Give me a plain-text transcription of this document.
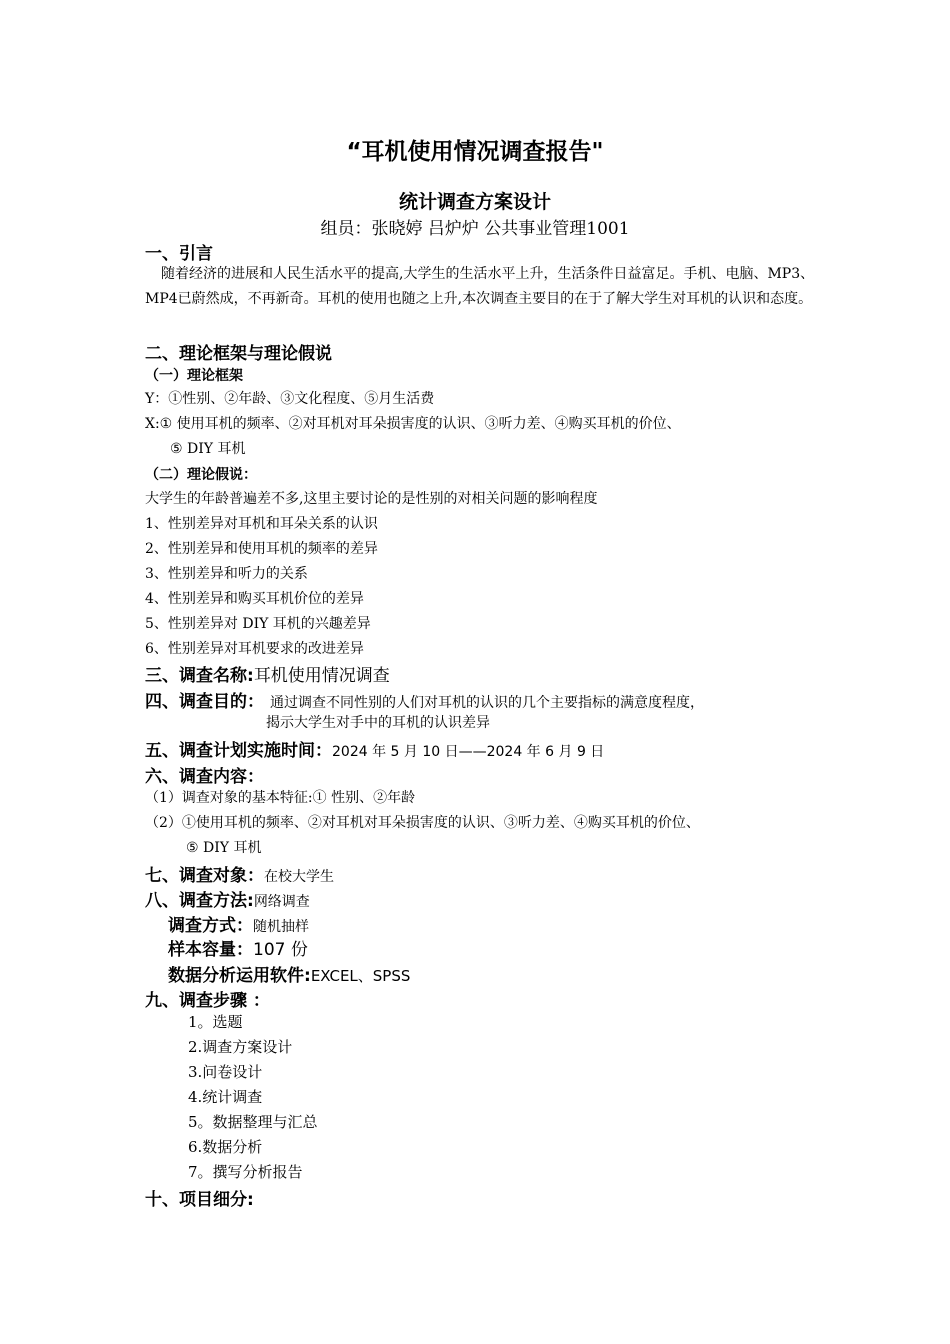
“耳机使用情况调查报告"
统计调查方案设计
组员：张晓婷 吕炉炉 公共事业管理1001
一、引言
随着经济的进展和人民生活水平的提高,大学生的生活水平上升，生活条件日益富足。手机、电脑、MP3、MP4已蔚然成，不再新奇。耳机的使用也随之上升,本次调查主要目的在于了解大学生对耳机的认识和态度。
二、理论框架与理论假说
（一）理论框架
Y：①性别、②年龄、③文化程度、⑤月生活费
X:① 使用耳机的频率、②对耳机对耳朵损害度的认识、③听力差、④购买耳机的价位、
⑤ DIY 耳机
（二）理论假说：
大学生的年龄普遍差不多,这里主要讨论的是性别的对相关问题的影响程度
1、性别差异对耳机和耳朵关系的认识
2、性别差异和使用耳机的频率的差异
3、性别差异和听力的关系
4、性别差异和购买耳机价位的差异
5、性别差异对 DIY 耳机的兴趣差异
6、性别差异对耳机要求的改进差异
三、调查名称:耳机使用情况调查
四、调查目的： 通过调查不同性别的人们对耳机的认识的几个主要指标的满意度程度，
揭示大学生对手中的耳机的认识差异
五、调查计划实施时间：2024 年 5 月 10 日——2024 年 6 月 9 日
六、调查内容：
（1）调查对象的基本特征:① 性别、②年龄
（2）①使用耳机的频率、②对耳机对耳朵损害度的认识、③听力差、④购买耳机的价位、
⑤ DIY 耳机
七、调查对象：在校大学生
八、调查方法:网络调查
调查方式：随机抽样
样本容量：107 份
数据分析运用软件:EXCEL、SPSS
九、调查步骤 ：
1。选题
2.调查方案设计
3.问卷设计
4.统计调查
5。数据整理与汇总
6.数据分析
7。撰写分析报告
十、项目细分:
